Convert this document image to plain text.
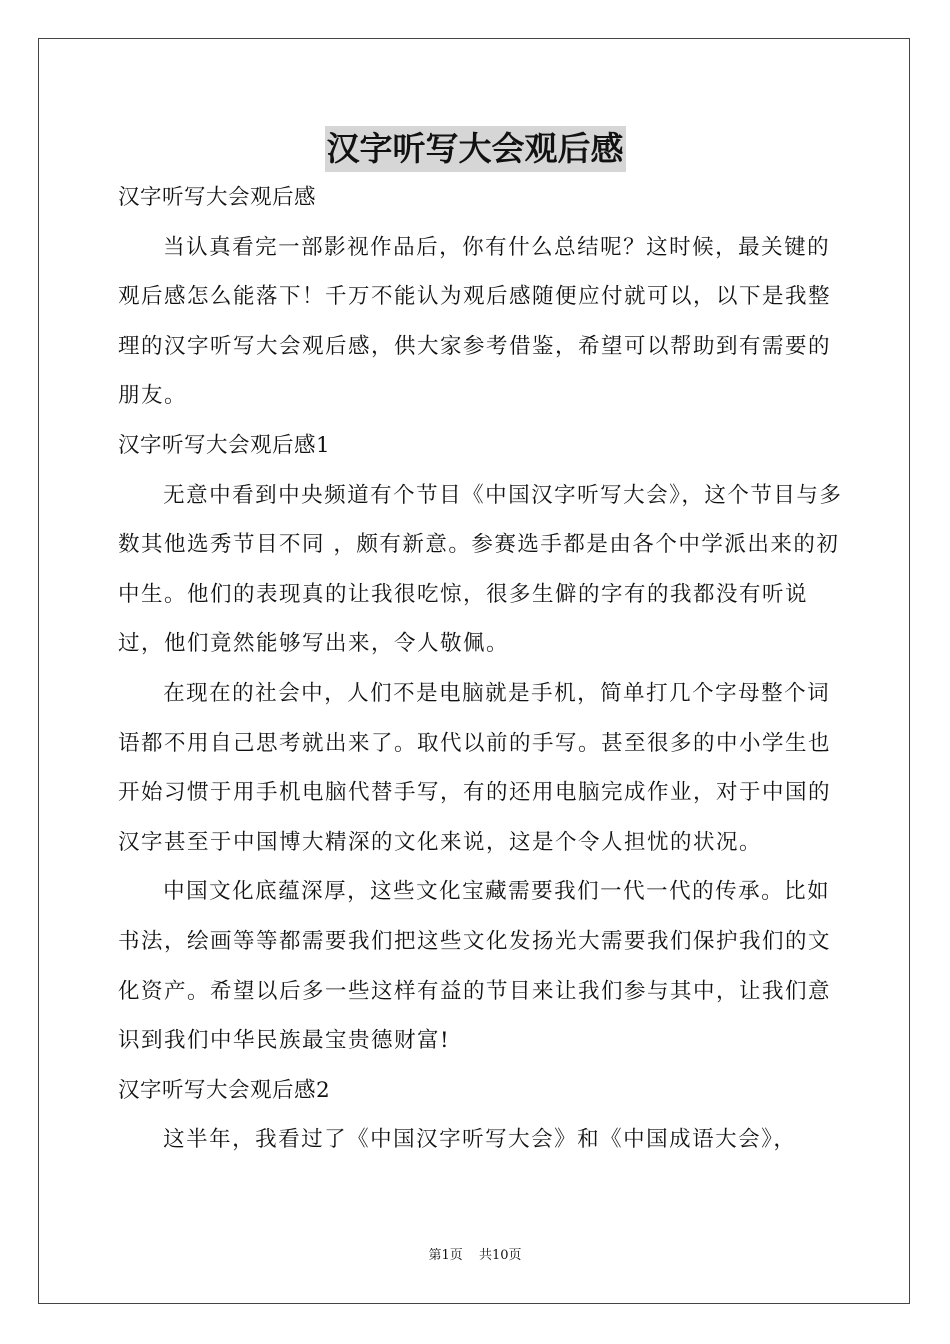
汉字听写大会观后感

汉字听写大会观后感

当认真看完一部影视作品后，你有什么总结呢？这时候，最关键的观后感怎么能落下！千万不能认为观后感随便应付就可以，以下是我整理的汉字听写大会观后感，供大家参考借鉴，希望可以帮助到有需要的朋友。

汉字听写大会观后感1

无意中看到中央频道有个节目《中国汉字听写大会》，这个节目与多数其他选秀节目不同 ，颇有新意。参赛选手都是由各个中学派出来的初中生。他们的表现真的让我很吃惊，很多生僻的字有的我都没有听说过，他们竟然能够写出来，令人敬佩。

在现在的社会中，人们不是电脑就是手机，简单打几个字母整个词语都不用自己思考就出来了。取代以前的手写。甚至很多的中小学生也开始习惯于用手机电脑代替手写，有的还用电脑完成作业，对于中国的汉字甚至于中国博大精深的文化来说，这是个令人担忧的状况。

中国文化底蕴深厚，这些文化宝藏需要我们一代一代的传承。比如书法，绘画等等都需要我们把这些文化发扬光大需要我们保护我们的文化资产。希望以后多一些这样有益的节目来让我们参与其中，让我们意识到我们中华民族最宝贵德财富!

汉字听写大会观后感2

这半年，我看过了《中国汉字听写大会》和《中国成语大会》，

第1页 共10页
